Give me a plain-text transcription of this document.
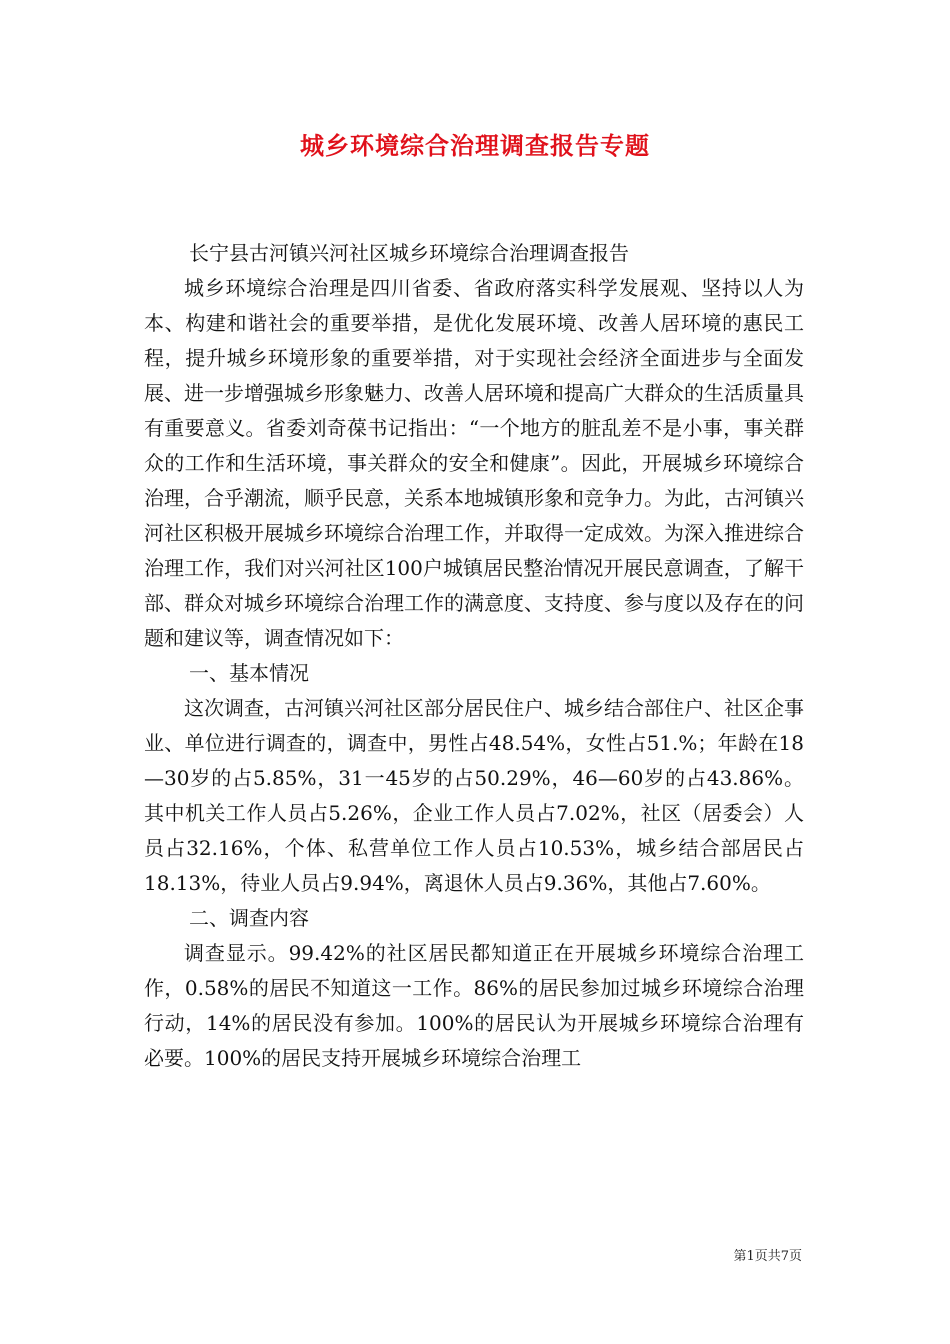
城乡环境综合治理调查报告专题

长宁县古河镇兴河社区城乡环境综合治理调查报告

城乡环境综合治理是四川省委、省政府落实科学发展观、坚持以人为本、构建和谐社会的重要举措，是优化发展环境、改善人居环境的惠民工程，提升城乡环境形象的重要举措，对于实现社会经济全面进步与全面发展、进一步增强城乡形象魅力、改善人居环境和提高广大群众的生活质量具有重要意义。省委刘奇葆书记指出：“一个地方的脏乱差不是小事，事关群众的工作和生活环境，事关群众的安全和健康”。因此，开展城乡环境综合治理，合乎潮流，顺乎民意，关系本地城镇形象和竞争力。为此，古河镇兴河社区积极开展城乡环境综合治理工作，并取得一定成效。为深入推进综合治理工作，我们对兴河社区100户城镇居民整治情况开展民意调查，了解干部、群众对城乡环境综合治理工作的满意度、支持度、参与度以及存在的问题和建议等，调查情况如下：

一、基本情况

这次调查，古河镇兴河社区部分居民住户、城乡结合部住户、社区企事业、单位进行调查的，调查中，男性占48.54%，女性占51.%；年龄在18—30岁的占5.85%，31一45岁的占50.29%，46—60岁的占43.86%。其中机关工作人员占5.26%，企业工作人员占7.02%，社区（居委会）人员占32.16%，个体、私营单位工作人员占10.53%，城乡结合部居民占18.13%，待业人员占9.94%，离退休人员占9.36%，其他占7.60%。

二、调查内容

调查显示。99.42%的社区居民都知道正在开展城乡环境综合治理工作，0.58%的居民不知道这一工作。86%的居民参加过城乡环境综合治理行动，14%的居民没有参加。100%的居民认为开展城乡环境综合治理有必要。100%的居民支持开展城乡环境综合治理工

第1页共7页
